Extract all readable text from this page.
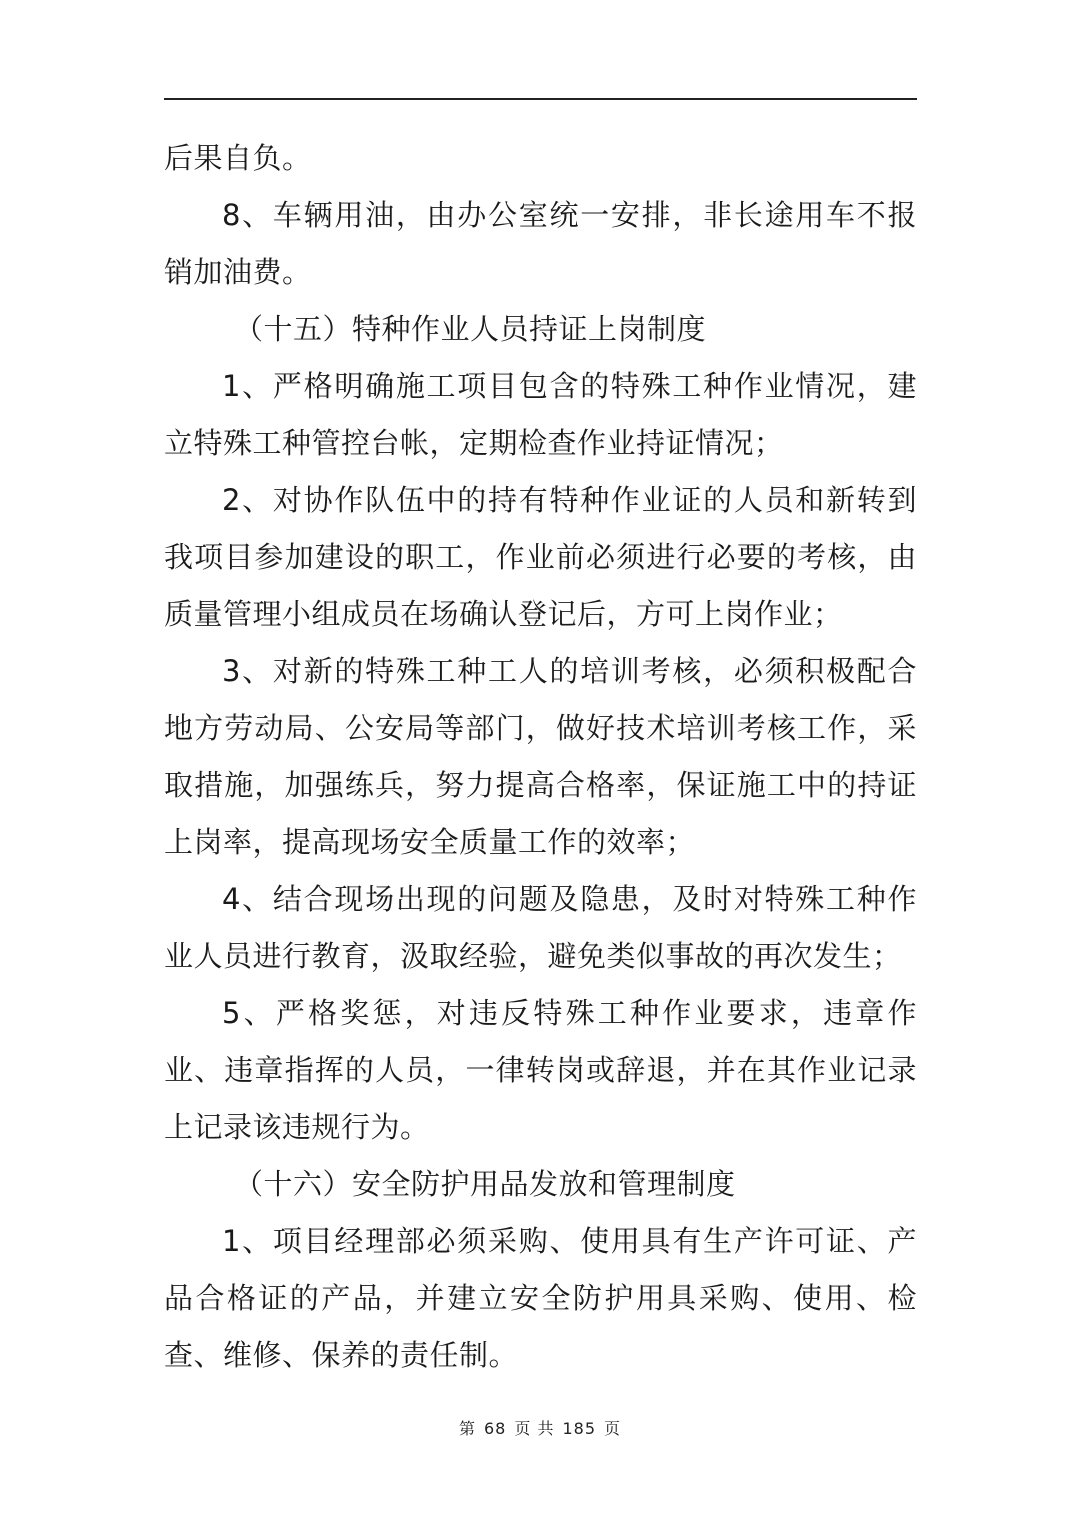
后果自负。

8、车辆用油，由办公室统一安排，非长途用车不报销加油费。

（十五）特种作业人员持证上岗制度

1、严格明确施工项目包含的特殊工种作业情况，建立特殊工种管控台帐，定期检查作业持证情况；

2、对协作队伍中的持有特种作业证的人员和新转到我项目参加建设的职工，作业前必须进行必要的考核，由质量管理小组成员在场确认登记后，方可上岗作业；

3、对新的特殊工种工人的培训考核，必须积极配合地方劳动局、公安局等部门，做好技术培训考核工作，采取措施，加强练兵，努力提高合格率，保证施工中的持证上岗率，提高现场安全质量工作的效率；

4、结合现场出现的问题及隐患，及时对特殊工种作业人员进行教育，汲取经验，避免类似事故的再次发生；

5、严格奖惩，对违反特殊工种作业要求，违章作业、违章指挥的人员，一律转岗或辞退，并在其作业记录上记录该违规行为。

（十六）安全防护用品发放和管理制度

1、项目经理部必须采购、使用具有生产许可证、产品合格证的产品，并建立安全防护用具采购、使用、检查、维修、保养的责任制。

第 68 页 共 185 页
